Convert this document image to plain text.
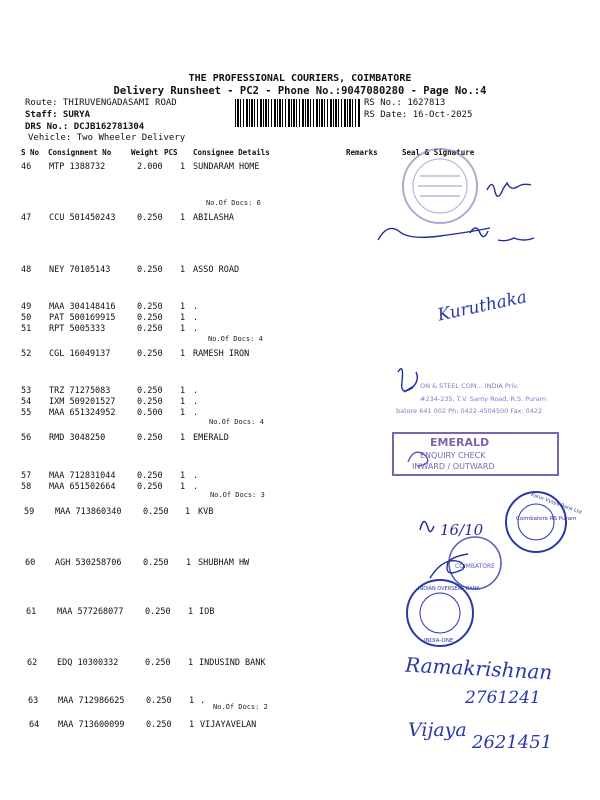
THE PROFESSIONAL COURIERS, COIMBATORE
Delivery Runsheet - PC2 - Phone No.:9047080280 - Page No.:4
Route: THIRUVENGADASAMI ROAD
Staff: SURYA
DRS No.: DCJB162781304
Vehicle: Two Wheeler Delivery
RS No.: 1627813
RS Date: 16-Oct-2025
S No Consignment No	Weight PCS Consignee Details	Remarks	Seal & Signature
46 MTP 1388732	2.000 1 SUNDARAM HOME
47 CCU 501450243	0.250 1 ABILASHA
48 NEY 70105143	0.250 1 ASSO ROAD
49 MAA 304148416	0.250 1 .
50 PAT 500169915	0.250 1 .
51 RPT 5005333	0.250 1 .
52 CGL 16049137	0.250 1 RAMESH IRON
53 TRZ 71275083	0.250 1 .
54 IXM 509201527	0.250 1 .
55 MAA 651324952	0.500 1 .
56 RMD 3048250	0.250 1 EMERALD
57 MAA 712831044	0.250 1 .
58 MAA 651502664	0.250 1 .
59 MAA 713860340	0.250 1 KVB
60 AGH 530258706	0.250 1 SHUBHAM HW
61 MAA 577268077	0.250 1 IOB
62 EDQ 10300332	0.250 1 INDUSIND BANK
63 MAA 712986625	0.250 1 .
64 MAA 713600099	0.250 1 VIJAYAVELAN
No.Of Docs: 6
No.Of Docs: 4
No.Of Docs: 4
No.Of Docs: 3
No.Of Docs: 2
Kuruthaka
ON & STEEL COM... INDIA Priv.
#234-235, T.V. Samy Road, R.S. Puram
batore 641 002 Ph: 0422-4504500 Fax: 0422
EMERALD
ENQUIRY CHECK
INWARD / OUTWARD
Coimbatore RS Puram
Karur Vysya Bank Ltd
16/10
COIMBATORE
INDIAN OVERSEAS BANK
INDIA-ONE
Ramakrishnan
2761241
Vijaya
2621451
